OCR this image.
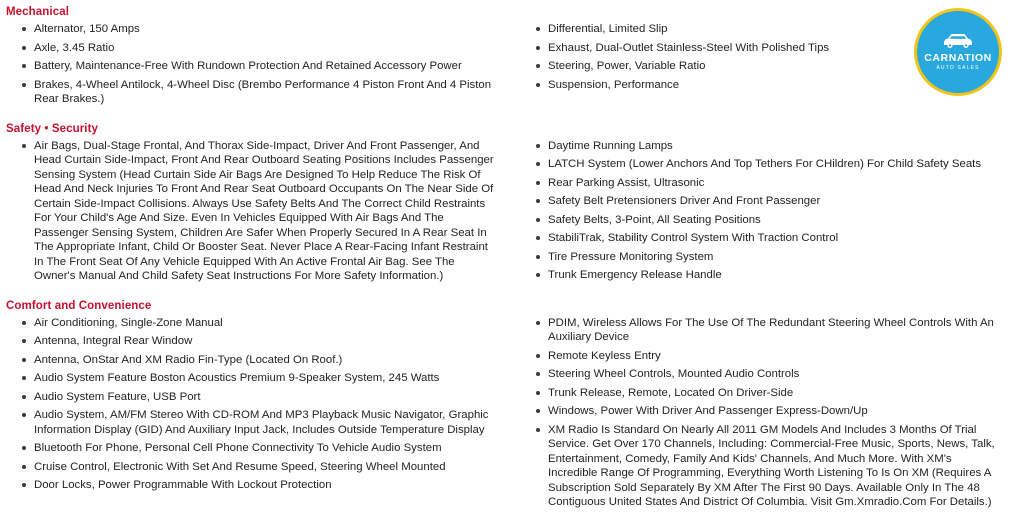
CARNATION
AUTO SALES
Mechanical
Alternator, 150 Amps
Axle, 3.45 Ratio
Battery, Maintenance-Free With Rundown Protection And Retained Accessory Power
Brakes, 4-Wheel Antilock, 4-Wheel Disc (Brembo Performance 4 Piston Front And 4 Piston Rear Brakes.)
Differential, Limited Slip
Exhaust, Dual-Outlet Stainless-Steel With Polished Tips
Steering, Power, Variable Ratio
Suspension, Performance
Safety • Security
Air Bags, Dual-Stage Frontal, And Thorax Side-Impact, Driver And Front Passenger, And Head Curtain Side-Impact, Front And Rear Outboard Seating Positions Includes Passenger Sensing System (Head Curtain Side Air Bags Are Designed To Help Reduce The Risk Of Head And Neck Injuries To Front And Rear Seat Outboard Occupants On The Near Side Of Certain Side-Impact Collisions. Always Use Safety Belts And The Correct Child Restraints For Your Child's Age And Size. Even In Vehicles Equipped With Air Bags And The Passenger Sensing System, Children Are Safer When Properly Secured In A Rear Seat In The Appropriate Infant, Child Or Booster Seat. Never Place A Rear-Facing Infant Restraint In The Front Seat Of Any Vehicle Equipped With An Active Frontal Air Bag. See The Owner's Manual And Child Safety Seat Instructions For More Safety Information.)
Daytime Running Lamps
LATCH System (Lower Anchors And Top Tethers For CHildren) For Child Safety Seats
Rear Parking Assist, Ultrasonic
Safety Belt Pretensioners Driver And Front Passenger
Safety Belts, 3-Point, All Seating Positions
StabiliTrak, Stability Control System With Traction Control
Tire Pressure Monitoring System
Trunk Emergency Release Handle
Comfort and Convenience
Air Conditioning, Single-Zone Manual
Antenna, Integral Rear Window
Antenna, OnStar And XM Radio Fin-Type (Located On Roof.)
Audio System Feature Boston Acoustics Premium 9-Speaker System, 245 Watts
Audio System Feature, USB Port
Audio System, AM/FM Stereo With CD-ROM And MP3 Playback Music Navigator, Graphic Information Display (GID) And Auxiliary Input Jack, Includes Outside Temperature Display
Bluetooth For Phone, Personal Cell Phone Connectivity To Vehicle Audio System
Cruise Control, Electronic With Set And Resume Speed, Steering Wheel Mounted
Door Locks, Power Programmable With Lockout Protection
PDIM, Wireless Allows For The Use Of The Redundant Steering Wheel Controls With An Auxiliary Device
Remote Keyless Entry
Steering Wheel Controls, Mounted Audio Controls
Trunk Release, Remote, Located On Driver-Side
Windows, Power With Driver And Passenger Express-Down/Up
XM Radio Is Standard On Nearly All 2011 GM Models And Includes 3 Months Of Trial Service. Get Over 170 Channels, Including: Commercial-Free Music, Sports, News, Talk, Entertainment, Comedy, Family And Kids' Channels, And Much More. With XM's Incredible Range Of Programming, Everything Worth Listening To Is On XM (Requires A Subscription Sold Separately By XM After The First 90 Days. Available Only In The 48 Contiguous United States And District Of Columbia. Visit Gm.Xmradio.Com For Details.)
